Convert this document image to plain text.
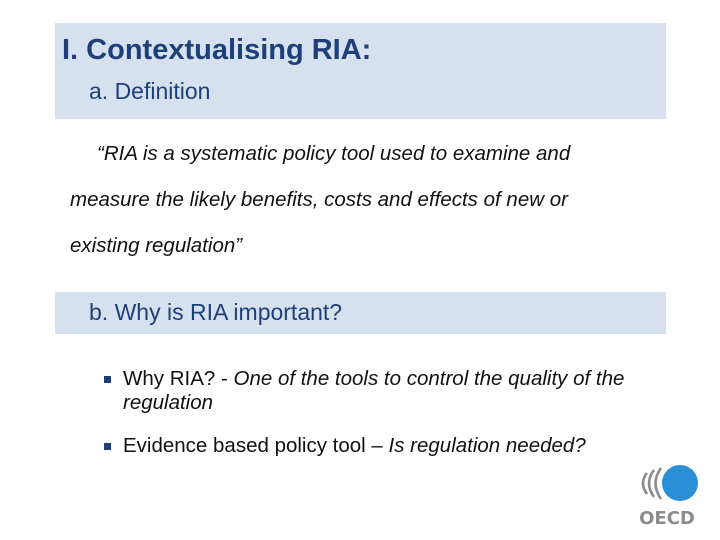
I. Contextualising RIA:
a. Definition
“RIA is a systematic policy tool used to examine and
measure the likely benefits, costs and effects of new or
existing regulation”
b. Why is RIA important?
Why RIA? - One of the tools to control the quality of the regulation
Evidence based policy tool – Is regulation needed?
OECD
